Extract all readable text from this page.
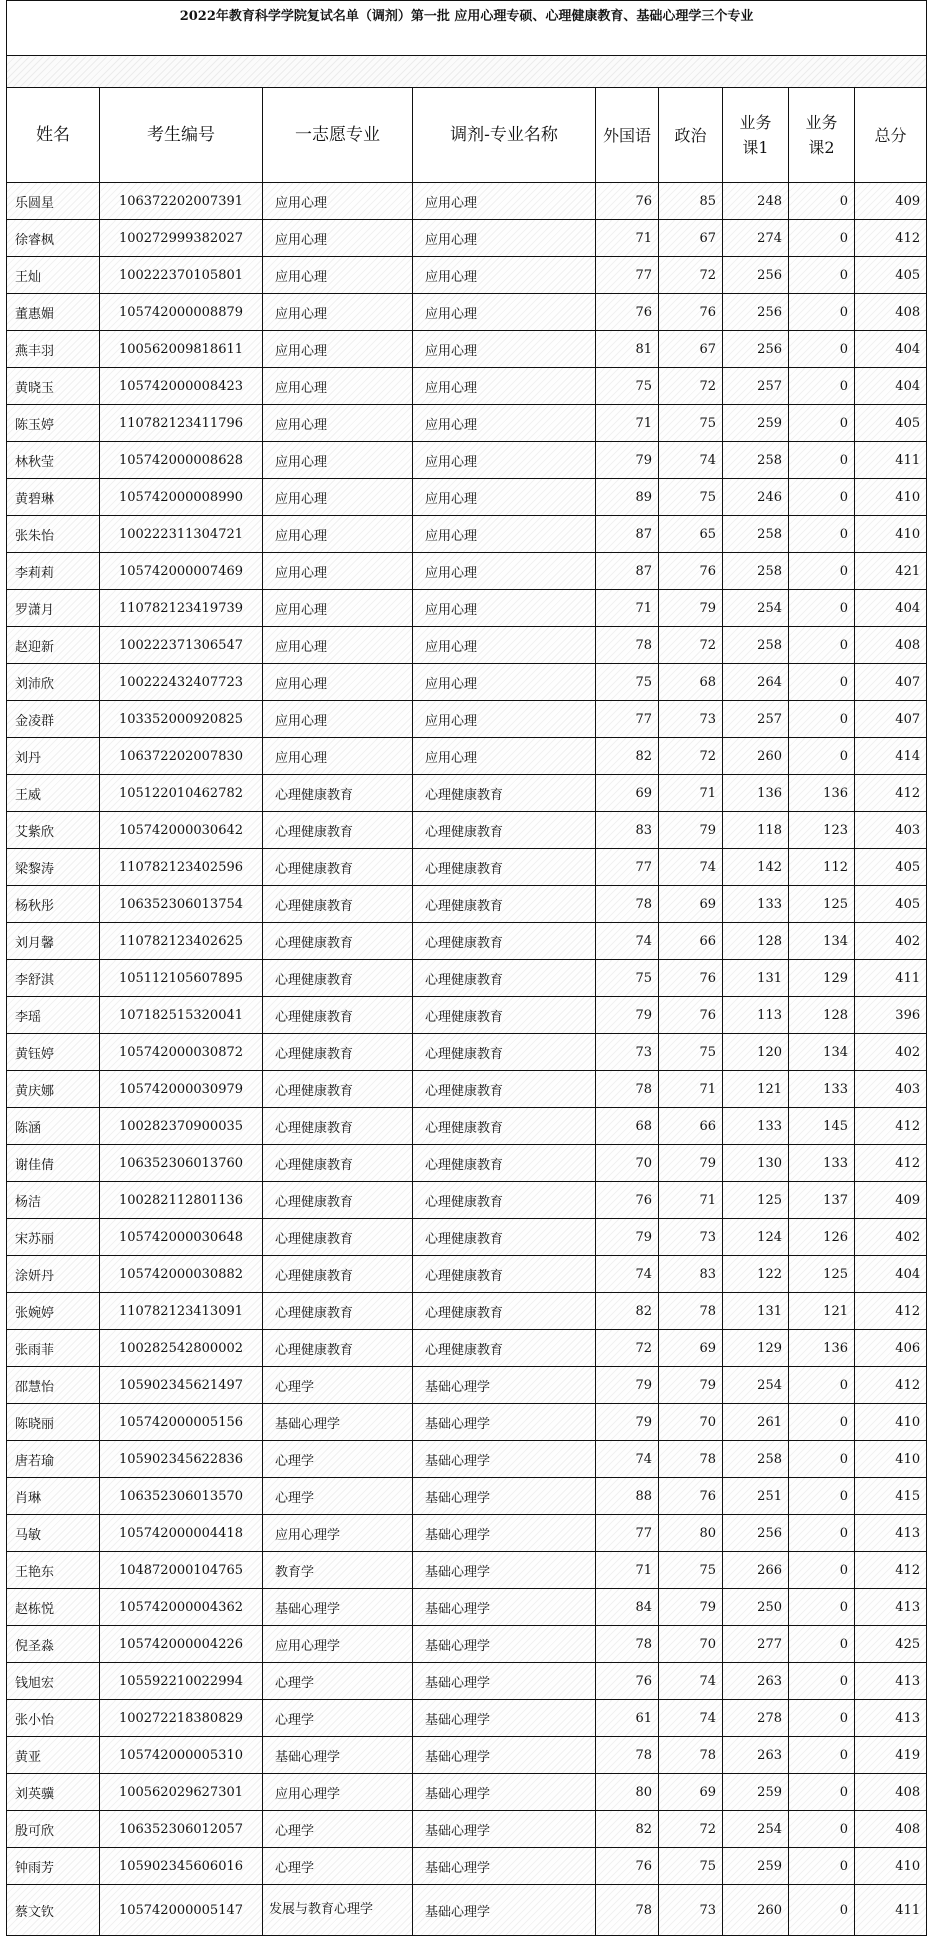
2022年教育科学学院复试名单（调剂）第一批 应用心理专硕、心理健康教育、基础心理学三个专业								

姓名	考生编号	一志愿专业	调剂-专业名称	外国语	政治	业务课1	业务课2	总分
乐圆星	106372202007391	应用心理	应用心理	76	85	248	0	409
徐睿枫	100272999382027	应用心理	应用心理	71	67	274	0	412
王灿	100222370105801	应用心理	应用心理	77	72	256	0	405
董惠媚	105742000008879	应用心理	应用心理	76	76	256	0	408
燕丰羽	100562009818611	应用心理	应用心理	81	67	256	0	404
黄晓玉	105742000008423	应用心理	应用心理	75	72	257	0	404
陈玉婷	110782123411796	应用心理	应用心理	71	75	259	0	405
林秋莹	105742000008628	应用心理	应用心理	79	74	258	0	411
黄碧琳	105742000008990	应用心理	应用心理	89	75	246	0	410
张朱怡	100222311304721	应用心理	应用心理	87	65	258	0	410
李莉莉	105742000007469	应用心理	应用心理	87	76	258	0	421
罗潇月	110782123419739	应用心理	应用心理	71	79	254	0	404
赵迎新	100222371306547	应用心理	应用心理	78	72	258	0	408
刘沛欣	100222432407723	应用心理	应用心理	75	68	264	0	407
金凌群	103352000920825	应用心理	应用心理	77	73	257	0	407
刘丹	106372202007830	应用心理	应用心理	82	72	260	0	414
王威	105122010462782	心理健康教育	心理健康教育	69	71	136	136	412
艾紫欣	105742000030642	心理健康教育	心理健康教育	83	79	118	123	403
梁黎涛	110782123402596	心理健康教育	心理健康教育	77	74	142	112	405
杨秋彤	106352306013754	心理健康教育	心理健康教育	78	69	133	125	405
刘月馨	110782123402625	心理健康教育	心理健康教育	74	66	128	134	402
李舒淇	105112105607895	心理健康教育	心理健康教育	75	76	131	129	411
李瑶	107182515320041	心理健康教育	心理健康教育	79	76	113	128	396
黄钰婷	105742000030872	心理健康教育	心理健康教育	73	75	120	134	402
黄庆娜	105742000030979	心理健康教育	心理健康教育	78	71	121	133	403
陈涵	100282370900035	心理健康教育	心理健康教育	68	66	133	145	412
谢佳倩	106352306013760	心理健康教育	心理健康教育	70	79	130	133	412
杨洁	100282112801136	心理健康教育	心理健康教育	76	71	125	137	409
宋苏丽	105742000030648	心理健康教育	心理健康教育	79	73	124	126	402
涂妍丹	105742000030882	心理健康教育	心理健康教育	74	83	122	125	404
张婉婷	110782123413091	心理健康教育	心理健康教育	82	78	131	121	412
张雨菲	100282542800002	心理健康教育	心理健康教育	72	69	129	136	406
邵慧怡	105902345621497	心理学	基础心理学	79	79	254	0	412
陈晓丽	105742000005156	基础心理学	基础心理学	79	70	261	0	410
唐若瑜	105902345622836	心理学	基础心理学	74	78	258	0	410
肖琳	106352306013570	心理学	基础心理学	88	76	251	0	415
马敏	105742000004418	应用心理学	基础心理学	77	80	256	0	413
王艳东	104872000104765	教育学	基础心理学	71	75	266	0	412
赵栋悦	105742000004362	基础心理学	基础心理学	84	79	250	0	413
倪圣淼	105742000004226	应用心理学	基础心理学	78	70	277	0	425
钱旭宏	105592210022994	心理学	基础心理学	76	74	263	0	413
张小怡	100272218380829	心理学	基础心理学	61	74	278	0	413
黄亚	105742000005310	基础心理学	基础心理学	78	78	263	0	419
刘英骥	100562029627301	应用心理学	基础心理学	80	69	259	0	408
殷可欣	106352306012057	心理学	基础心理学	82	72	254	0	408
钟雨芳	105902345606016	心理学	基础心理学	76	75	259	0	410
蔡文钦	105742000005147	发展与教育心理学	基础心理学	78	73	260	0	411
